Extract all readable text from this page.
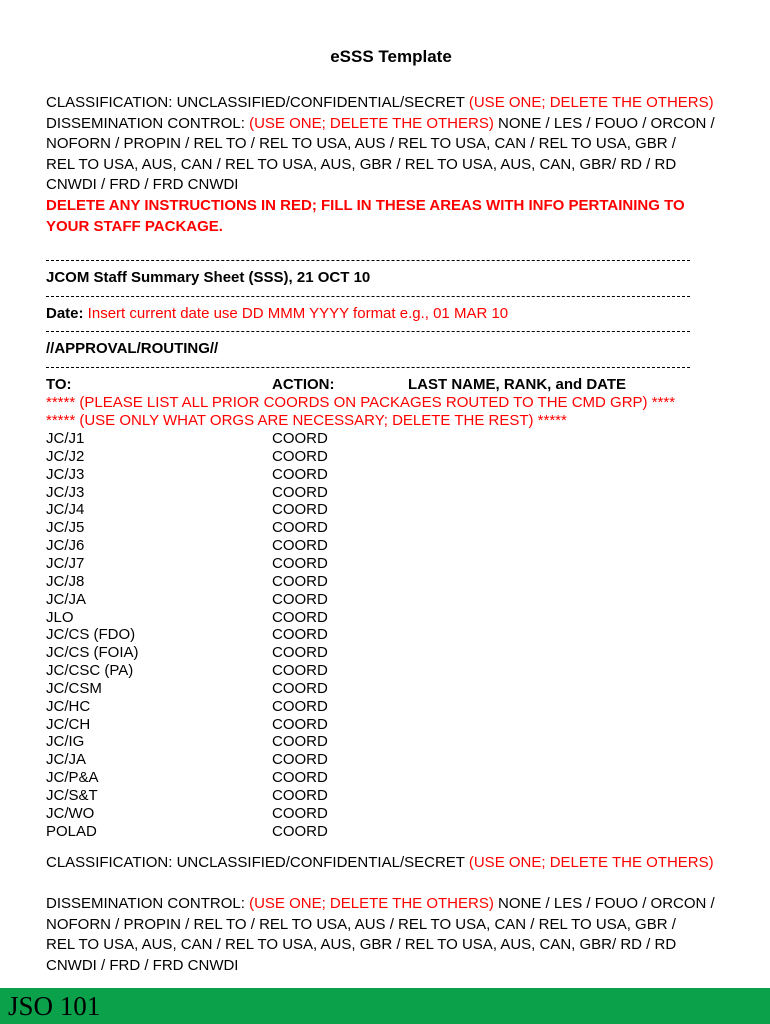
eSSS Template
CLASSIFICATION: UNCLASSIFIED/CONFIDENTIAL/SECRET (USE ONE; DELETE THE OTHERS)
DISSEMINATION CONTROL: (USE ONE; DELETE THE OTHERS) NONE / LES / FOUO / ORCON /
NOFORN / PROPIN / REL TO / REL TO USA, AUS / REL TO USA, CAN / REL TO USA, GBR /
REL TO USA, AUS, CAN / REL TO USA, AUS, GBR / REL TO USA, AUS, CAN, GBR/ RD / RD
CNWDI / FRD / FRD CNWDI
DELETE ANY INSTRUCTIONS IN RED; FILL IN THESE AREAS WITH INFO PERTAINING TO
YOUR STAFF PACKAGE.
JCOM Staff Summary Sheet (SSS), 21 OCT 10
Date: Insert current date use DD MMM YYYY format e.g., 01 MAR 10
//APPROVAL/ROUTING//
TO:	ACTION:	LAST NAME, RANK, and DATE
***** (PLEASE LIST ALL PRIOR COORDS ON PACKAGES ROUTED TO THE CMD GRP) ****
***** (USE ONLY WHAT ORGS ARE NECESSARY; DELETE THE REST) *****
JC/J1	COORD
JC/J2	COORD
JC/J3	COORD
JC/J3	COORD
JC/J4	COORD
JC/J5	COORD
JC/J6	COORD
JC/J7	COORD
JC/J8	COORD
JC/JA	COORD
JLO	COORD
JC/CS (FDO)	COORD
JC/CS (FOIA)	COORD
JC/CSC (PA)	COORD
JC/CSM	COORD
JC/HC	COORD
JC/CH	COORD
JC/IG	COORD
JC/JA	COORD
JC/P&A	COORD
JC/S&T	COORD
JC/WO	COORD
POLAD	COORD
CLASSIFICATION: UNCLASSIFIED/CONFIDENTIAL/SECRET (USE ONE; DELETE THE OTHERS)
DISSEMINATION CONTROL: (USE ONE; DELETE THE OTHERS) NONE / LES / FOUO / ORCON /
NOFORN / PROPIN / REL TO / REL TO USA, AUS / REL TO USA, CAN / REL TO USA, GBR /
REL TO USA, AUS, CAN / REL TO USA, AUS, GBR / REL TO USA, AUS, CAN, GBR/ RD / RD
CNWDI / FRD / FRD CNWDI
JSO 101
